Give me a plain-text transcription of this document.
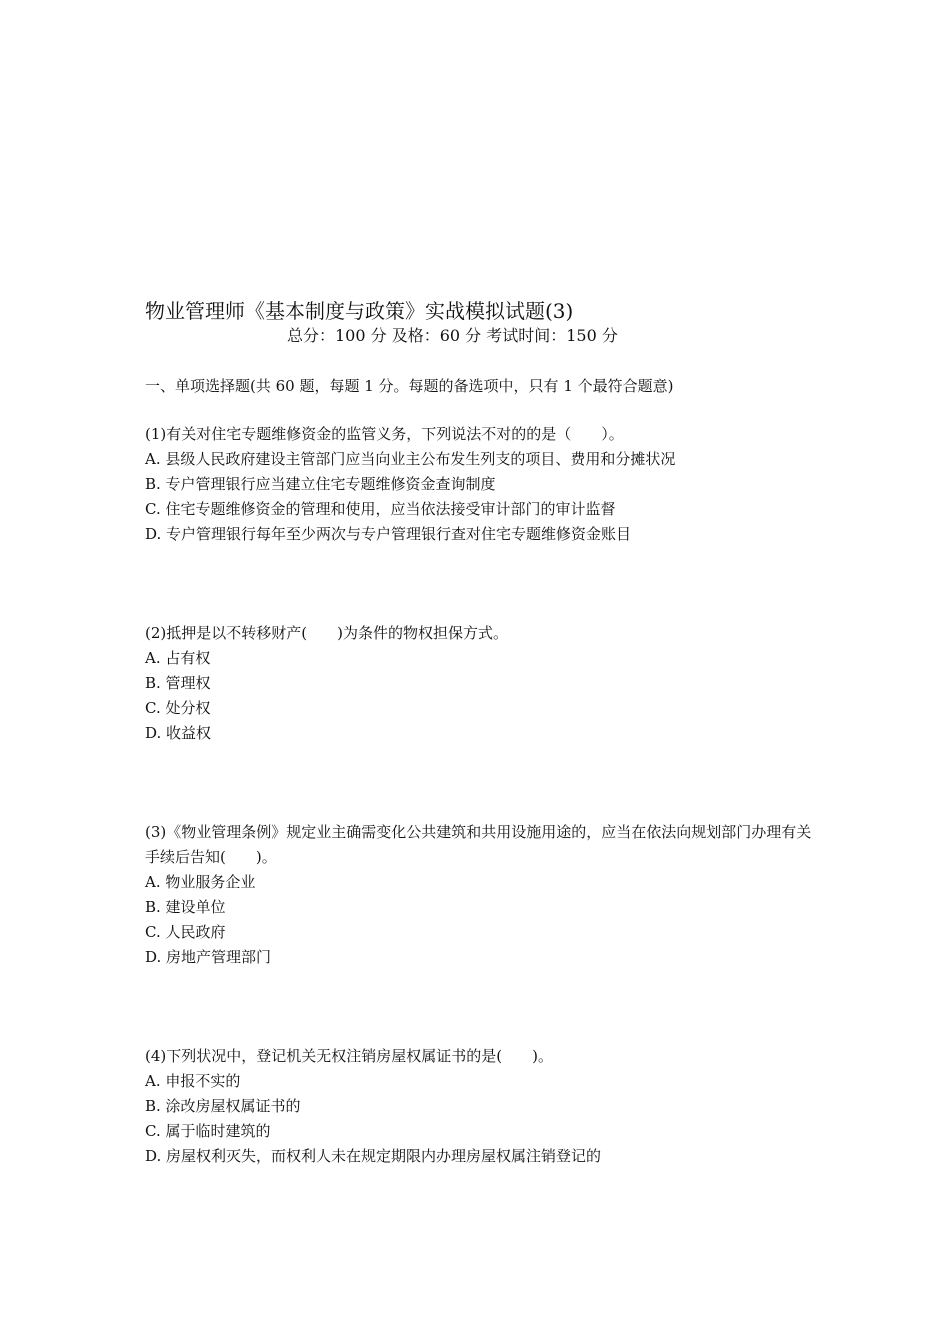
物业管理师《基本制度与政策》实战模拟试题(3)
总分：100 分 及格：60 分 考试时间：150 分
一、单项选择题(共 60 题，每题 1 分。每题的备选项中，只有 1 个最符合题意)
(1)有关对住宅专题维修资金的监管义务，下列说法不对的的是（　　）。
A. 县级人民政府建设主管部门应当向业主公布发生列支的项目、费用和分摊状况
B. 专户管理银行应当建立住宅专题维修资金查询制度
C. 住宅专题维修资金的管理和使用，应当依法接受审计部门的审计监督
D. 专户管理银行每年至少两次与专户管理银行查对住宅专题维修资金账目
(2)抵押是以不转移财产(　　)为条件的物权担保方式。
A. 占有权
B. 管理权
C. 处分权
D. 收益权
(3)《物业管理条例》规定业主确需变化公共建筑和共用设施用途的，应当在依法向规划部门办理有关手续后告知(　　)。
A. 物业服务企业
B. 建设单位
C. 人民政府
D. 房地产管理部门
(4)下列状况中，登记机关无权注销房屋权属证书的是(　　)。
A. 申报不实的
B. 涂改房屋权属证书的
C. 属于临时建筑的
D. 房屋权利灭失，而权利人未在规定期限内办理房屋权属注销登记的
